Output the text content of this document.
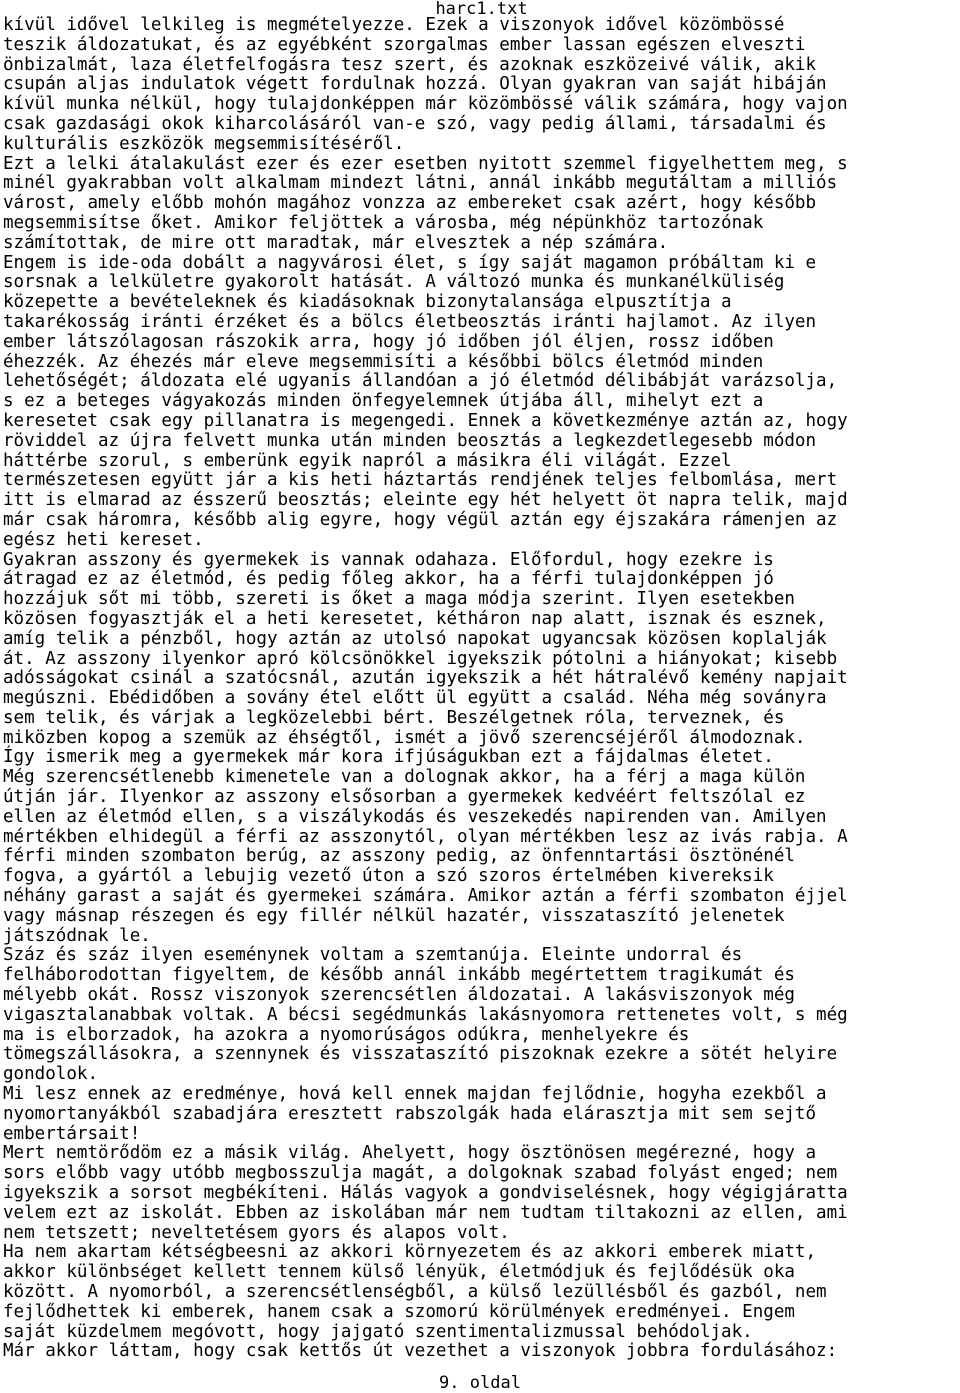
harc1.txt
kívül idővel lelkileg is megmételyezze. Ezek a viszonyok idővel közömbössé
teszik áldozatukat, és az egyébként szorgalmas ember lassan egészen elveszti
önbizalmát, laza életfelfogásra tesz szert, és azoknak eszközeivé válik, akik
csupán aljas indulatok végett fordulnak hozzá. Olyan gyakran van saját hibáján
kívül munka nélkül, hogy tulajdonképpen már közömbössé válik számára, hogy vajon
csak gazdasági okok kiharcolásáról van-e szó, vagy pedig állami, társadalmi és
kulturális eszközök megsemmisítéséről.
Ezt a lelki átalakulást ezer és ezer esetben nyitott szemmel figyelhettem meg, s
minél gyakrabban volt alkalmam mindezt látni, annál inkább megutáltam a milliós
várost, amely előbb mohón magához vonzza az embereket csak azért, hogy később
megsemmisítse őket. Amikor feljöttek a városba, még népünkhöz tartozónak
számítottak, de mire ott maradtak, már elvesztek a nép számára.
Engem is ide-oda dobált a nagyvárosi élet, s így saját magamon próbáltam ki e
sorsnak a lelkületre gyakorolt hatását. A változó munka és munkanélküliség
közepette a bevételeknek és kiadásoknak bizonytalansága elpusztítja a
takarékosság iránti érzéket és a bölcs életbeosztás iránti hajlamot. Az ilyen
ember látszólagosan rászokik arra, hogy jó időben jól éljen, rossz időben
éhezzék. Az éhezés már eleve megsemmisíti a későbbi bölcs életmód minden
lehetőségét; áldozata elé ugyanis állandóan a jó életmód délibábját varázsolja,
s ez a beteges vágyakozás minden önfegyelemnek útjába áll, mihelyt ezt a
keresetet csak egy pillanatra is megengedi. Ennek a következménye aztán az, hogy
röviddel az újra felvett munka után minden beosztás a legkezdetlegesebb módon
háttérbe szorul, s emberünk egyik napról a másikra éli világát. Ezzel
természetesen együtt jár a kis heti háztartás rendjének teljes felbomlása, mert
itt is elmarad az ésszerű beosztás; eleinte egy hét helyett öt napra telik, majd
már csak háromra, később alig egyre, hogy végül aztán egy éjszakára rámenjen az
egész heti kereset.
Gyakran asszony és gyermekek is vannak odahaza. Előfordul, hogy ezekre is
átragad ez az életmód, és pedig főleg akkor, ha a férfi tulajdonképpen jó
hozzájuk sőt mi több, szereti is őket a maga módja szerint. Ilyen esetekben
közösen fogyasztják el a heti keresetet, kétháron nap alatt, isznak és esznek,
amíg telik a pénzből, hogy aztán az utolsó napokat ugyancsak közösen koplalják
át. Az asszony ilyenkor apró kölcsönökkel igyekszik pótolni a hiányokat; kisebb
adósságokat csinál a szatócsnál, azután igyekszik a hét hátralévő kemény napjait
megúszni. Ebédidőben a sovány étel előtt ül együtt a család. Néha még soványra
sem telik, és várjak a legközelebbi bért. Beszélgetnek róla, terveznek, és
miközben kopog a szemük az éhségtől, ismét a jövő szerencséjéről álmodoznak.
Így ismerik meg a gyermekek már kora ifjúságukban ezt a fájdalmas életet.
Még szerencsétlenebb kimenetele van a dolognak akkor, ha a férj a maga külön
útján jár. Ilyenkor az asszony elsősorban a gyermekek kedvéért feltszólal ez
ellen az életmód ellen, s a viszálykodás és veszekedés napirenden van. Amilyen
mértékben elhidegül a férfi az asszonytól, olyan mértékben lesz az ivás rabja. A
férfi minden szombaton berúg, az asszony pedig, az önfenntartási ösztönénél
fogva, a gyártól a lebujig vezető úton a szó szoros értelmében kivereksik
néhány garast a saját és gyermekei számára. Amikor aztán a férfi szombaton éjjel
vagy másnap részegen és egy fillér nélkül hazatér, visszataszító jelenetek
játszódnak le.
Száz és száz ilyen eseménynek voltam a szemtanúja. Eleinte undorral és
felháborodottan figyeltem, de később annál inkább megértettem tragikumát és
mélyebb okát. Rossz viszonyok szerencsétlen áldozatai. A lakásviszonyok még
vigasztalanabbak voltak. A bécsi segédmunkás lakásnyomora rettenetes volt, s még
ma is elborzadok, ha azokra a nyomorúságos odúkra, menhelyekre és
tömegszállásokra, a szennynek és visszataszító piszoknak ezekre a sötét helyire
gondolok.
Mi lesz ennek az eredménye, hová kell ennek majdan fejlődnie, hogyha ezekből a
nyomortanyákból szabadjára eresztett rabszolgák hada elárasztja mit sem sejtő
embertársait!
Mert nemtörődöm ez a másik világ. Ahelyett, hogy ösztönösen megérezné, hogy a
sors előbb vagy utóbb megbosszulja magát, a dolgoknak szabad folyást enged; nem
igyekszik a sorsot megbékíteni. Hálás vagyok a gondviselésnek, hogy végigjáratta
velem ezt az iskolát. Ebben az iskolában már nem tudtam tiltakozni az ellen, ami
nem tetszett; neveltetésem gyors és alapos volt.
Ha nem akartam kétségbeesni az akkori környezetem és az akkori emberek miatt,
akkor különbséget kellett tennem külső lényük, életmódjuk és fejlődésük oka
között. A nyomorból, a szerencsétlenségből, a külső lezüllésből és gazból, nem
fejlődhettek ki emberek, hanem csak a szomorú körülmények eredményei. Engem
saját küzdelmem megóvott, hogy jajgató szentimentalizmussal behódoljak.
Már akkor láttam, hogy csak kettős út vezethet a viszonyok jobbra fordulásához:
9. oldal
